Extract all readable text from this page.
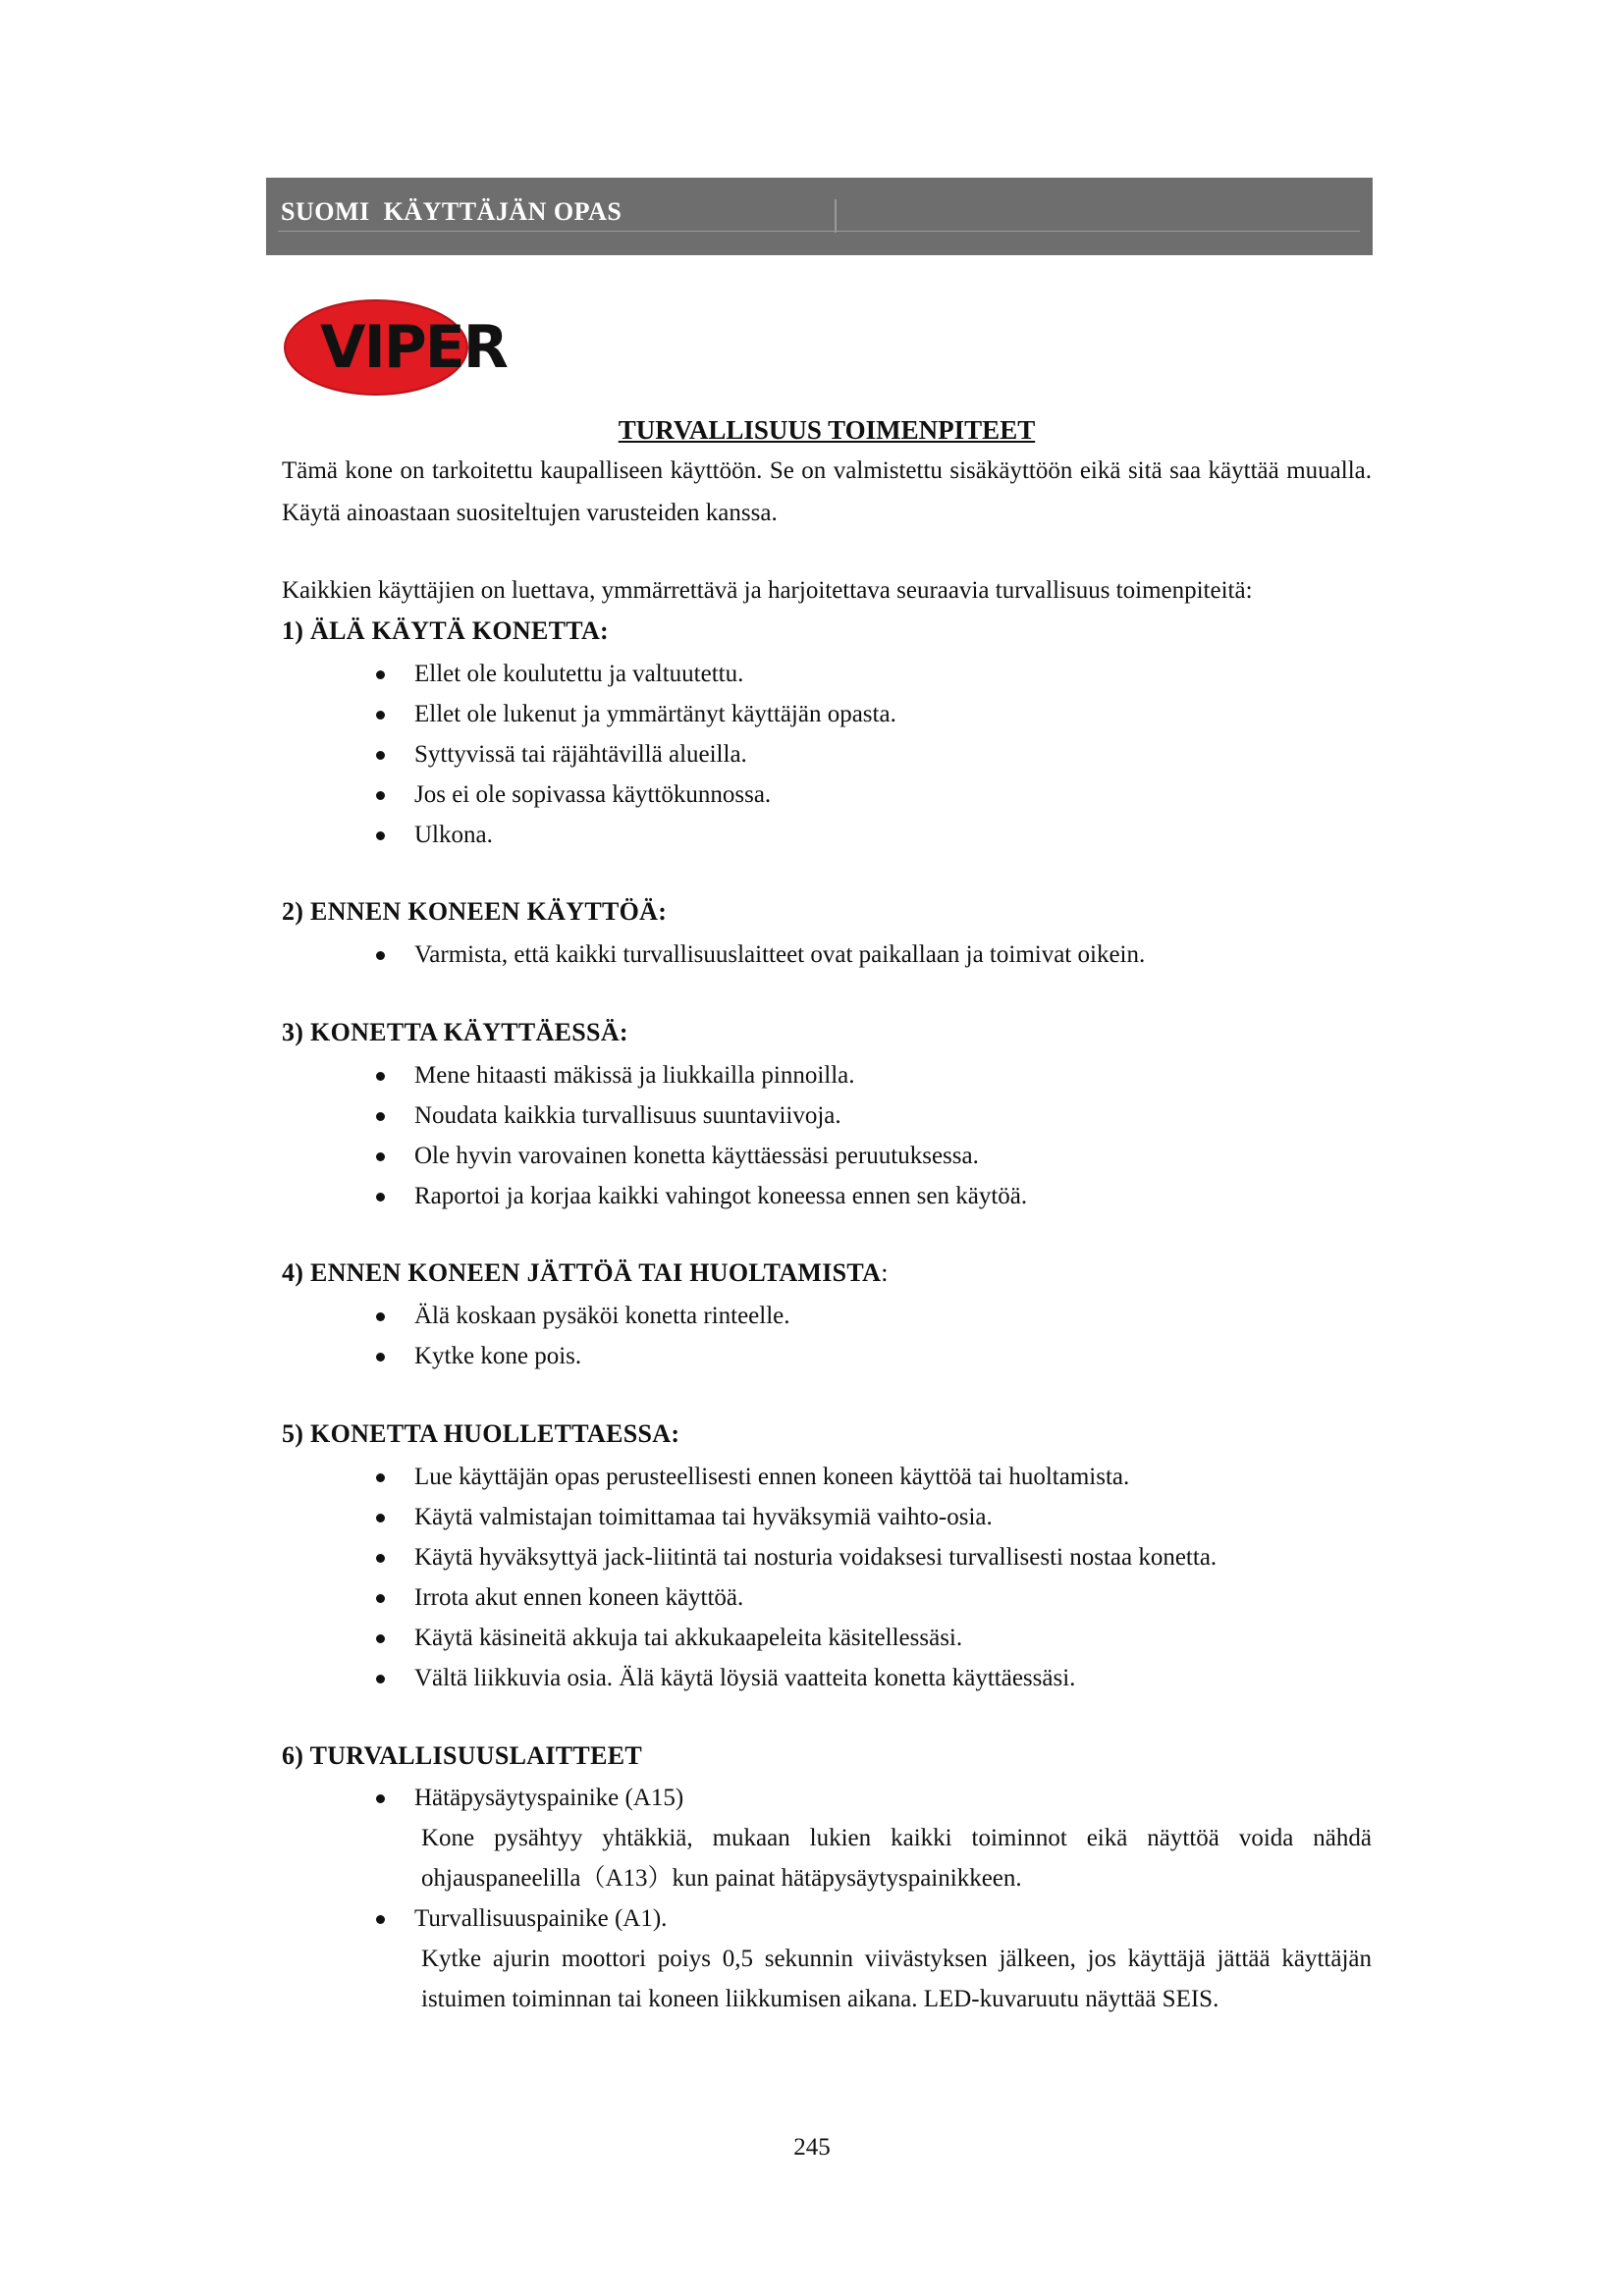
SUOMI  KÄYTTÄJÄN OPAS
VIPER
TURVALLISUUS TOIMENPITEET
Tämä kone on tarkoitettu kaupalliseen käyttöön. Se on valmistettu sisäkäyttöön eikä sitä saa käyttää muualla. Käytä ainoastaan suositeltujen varusteiden kanssa.
Kaikkien käyttäjien on luettava, ymmärrettävä ja harjoitettava seuraavia turvallisuus toimenpiteitä:
1) ÄLÄ KÄYTÄ KONETTA:
Ellet ole koulutettu ja valtuutettu.
Ellet ole lukenut ja ymmärtänyt käyttäjän opasta.
Syttyvissä tai räjähtävillä alueilla.
Jos ei ole sopivassa käyttökunnossa.
Ulkona.
2) ENNEN KONEEN KÄYTTÖÄ:
Varmista, että kaikki turvallisuuslaitteet ovat paikallaan ja toimivat oikein.
3) KONETTA KÄYTTÄESSÄ:
Mene hitaasti mäkissä ja liukkailla pinnoilla.
Noudata kaikkia turvallisuus suuntaviivoja.
Ole hyvin varovainen konetta käyttäessäsi peruutuksessa.
Raportoi ja korjaa kaikki vahingot koneessa ennen sen käytöä.
4) ENNEN KONEEN JÄTTÖÄ TAI HUOLTAMISTA:
Älä koskaan pysäköi konetta rinteelle.
Kytke kone pois.
5) KONETTA HUOLLETTAESSA:
Lue käyttäjän opas perusteellisesti ennen koneen käyttöä tai huoltamista.
Käytä valmistajan toimittamaa tai hyväksymiä vaihto-osia.
Käytä hyväksyttyä jack-liitintä tai nosturia voidaksesi turvallisesti nostaa konetta.
Irrota akut ennen koneen käyttöä.
Käytä käsineitä akkuja tai akkukaapeleita käsitellessäsi.
Vältä liikkuvia osia. Älä käytä löysiä vaatteita konetta käyttäessäsi.
6) TURVALLISUUSLAITTEET
Hätäpysäytyspainike (A15)
Kone pysähtyy yhtäkkiä, mukaan lukien kaikki toiminnot eikä näyttöä voida nähdä ohjauspaneelilla（A13）kun painat hätäpysäytyspainikkeen.
Turvallisuuspainike (A1).
Kytke ajurin moottori poiys 0,5 sekunnin viivästyksen jälkeen, jos käyttäjä jättää käyttäjän istuimen toiminnan tai koneen liikkumisen aikana. LED-kuvaruutu näyttää SEIS.
245
